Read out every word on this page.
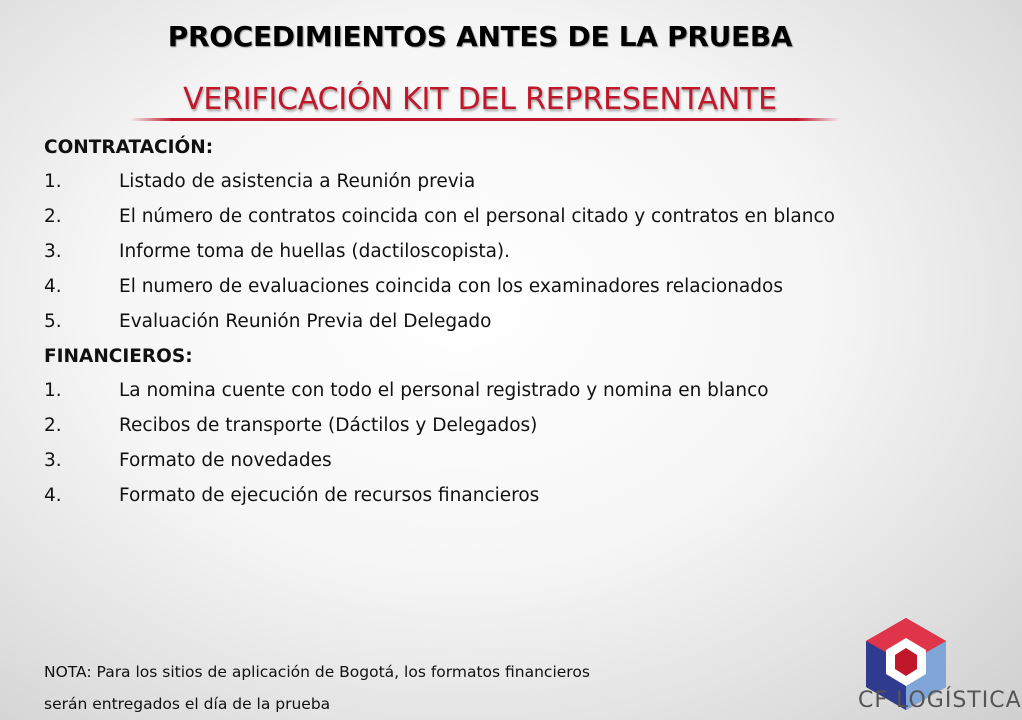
PROCEDIMIENTOS ANTES DE LA PRUEBA
VERIFICACIÓN KIT DEL REPRESENTANTE
CONTRATACIÓN:
1.	Listado de asistencia a Reunión previa
2.	El número de contratos coincida con el personal citado y contratos en blanco
3.	Informe toma de huellas (dactiloscopista).
4.	El numero de evaluaciones coincida con los examinadores relacionados
5.	Evaluación Reunión Previa del Delegado
FINANCIEROS:
1.	La nomina cuente con todo el personal registrado y nomina en blanco
2.	Recibos de transporte (Dáctilos y Delegados)
3.	Formato de novedades
4.	Formato de ejecución de recursos financieros
NOTA: Para los sitios de aplicación de Bogotá, los formatos financieros
serán entregados el día de la prueba	CF LOGÍSTICA
